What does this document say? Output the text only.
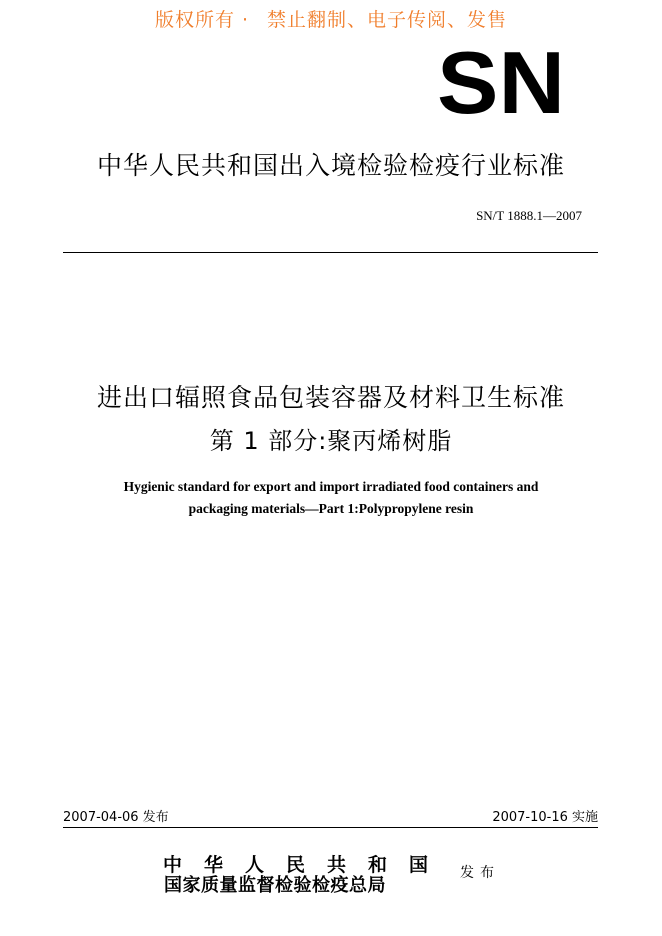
版权所有 · 禁止翻制、电子传阅、发售
SN
中华人民共和国出入境检验检疫行业标准
SN/T 1888.1—2007
进出口辐照食品包装容器及材料卫生标准
第 1 部分:聚丙烯树脂
Hygienic standard for export and import irradiated food containers and
packaging materials—Part 1:Polypropylene resin
2007-04-06 发布	2007-10-16 实施
中华人民共和国
国家质量监督检验检疫总局
发布
